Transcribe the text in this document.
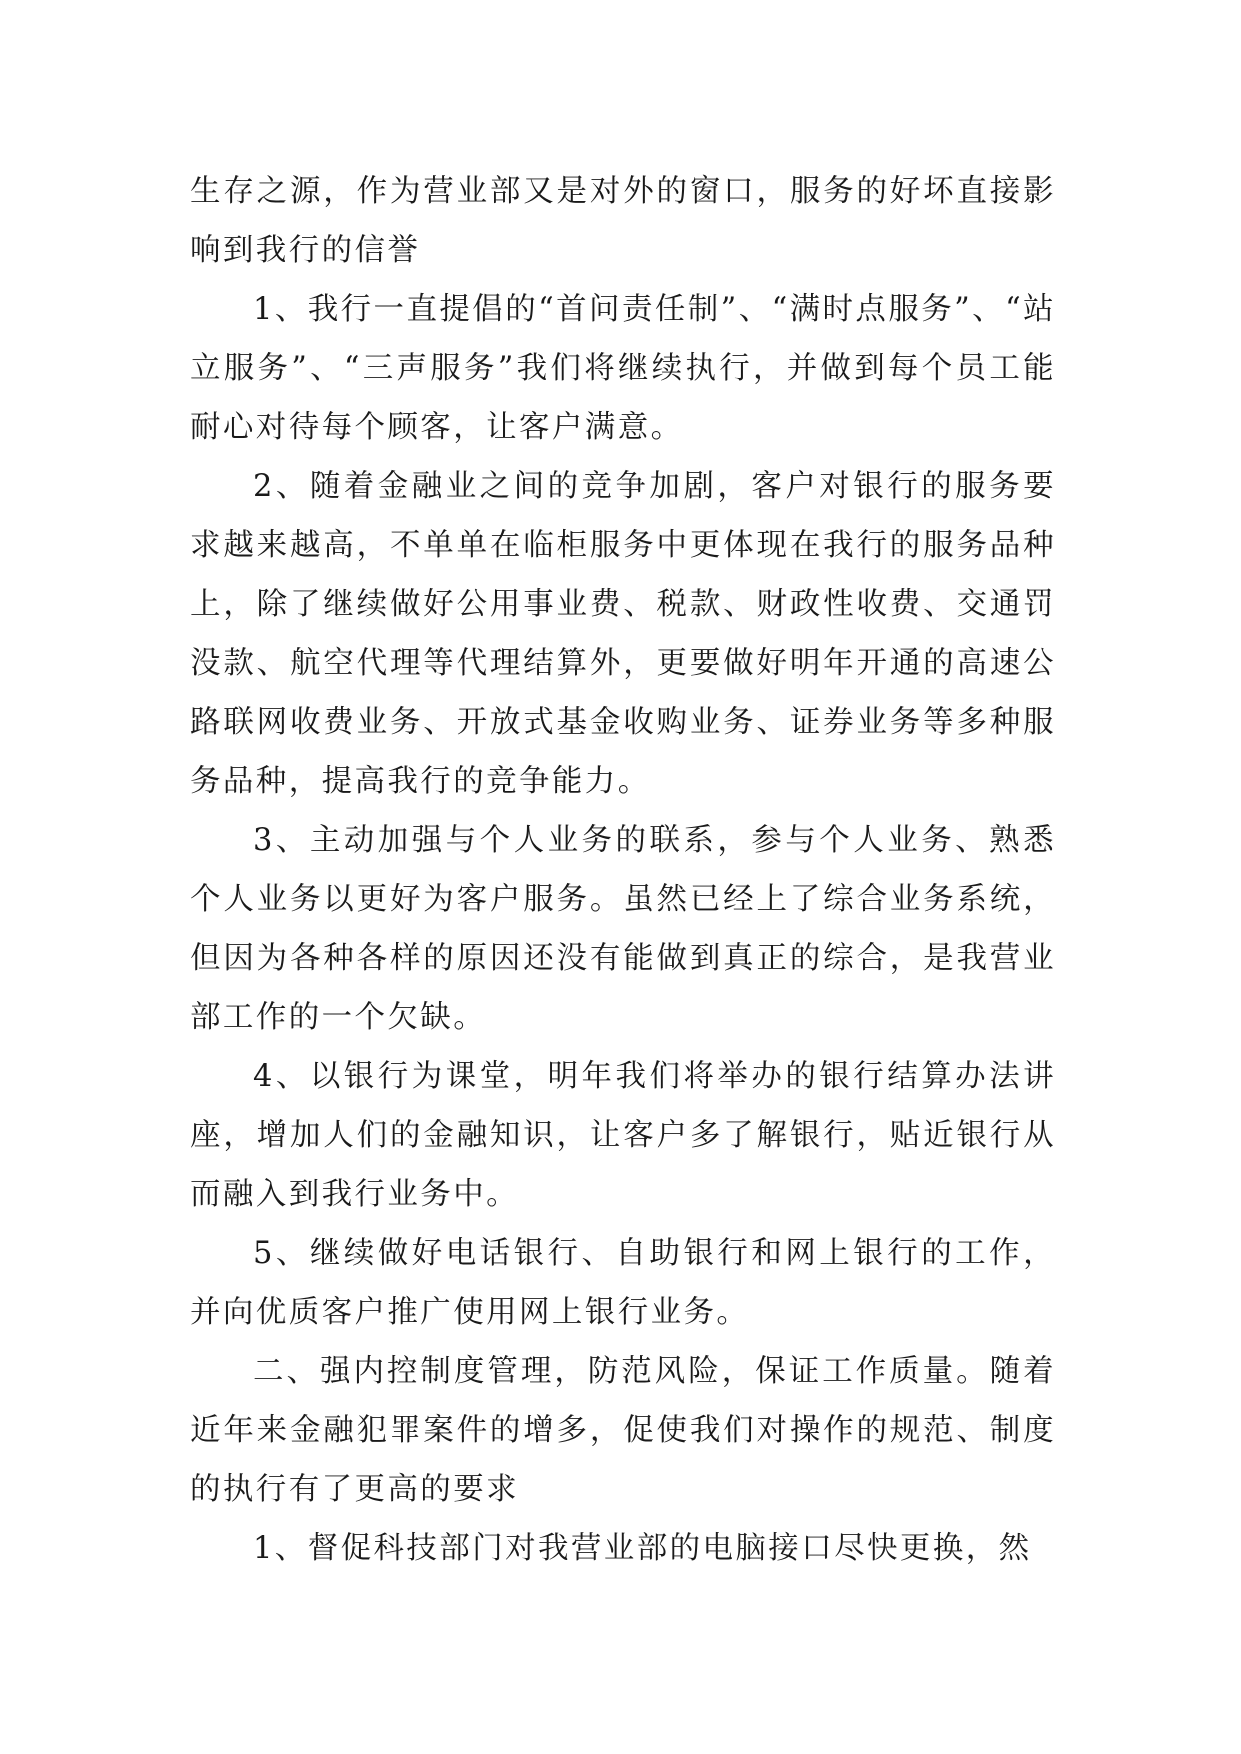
生存之源，作为营业部又是对外的窗口，服务的好坏直接影响到我行的信誉

1、我行一直提倡的“首问责任制”、“满时点服务”、“站立服务”、“三声服务”我们将继续执行，并做到每个员工能耐心对待每个顾客，让客户满意。

2、随着金融业之间的竞争加剧，客户对银行的服务要求越来越高，不单单在临柜服务中更体现在我行的服务品种上，除了继续做好公用事业费、税款、财政性收费、交通罚没款、航空代理等代理结算外，更要做好明年开通的高速公路联网收费业务、开放式基金收购业务、证券业务等多种服务品种，提高我行的竞争能力。

3、主动加强与个人业务的联系，参与个人业务、熟悉个人业务以更好为客户服务。虽然已经上了综合业务系统，但因为各种各样的原因还没有能做到真正的综合，是我营业部工作的一个欠缺。

4、以银行为课堂，明年我们将举办的银行结算办法讲座，增加人们的金融知识，让客户多了解银行，贴近银行从而融入到我行业务中。

5、继续做好电话银行、自助银行和网上银行的工作，并向优质客户推广使用网上银行业务。

二、强内控制度管理，防范风险，保证工作质量。随着近年来金融犯罪案件的增多，促使我们对操作的规范、制度的执行有了更高的要求

1、督促科技部门对我营业部的电脑接口尽快更换，然
